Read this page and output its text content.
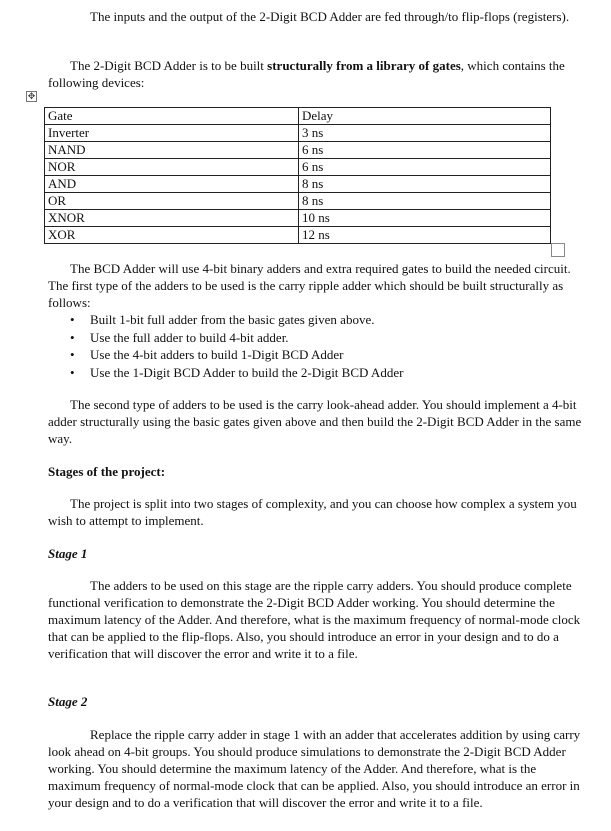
The inputs and the output of the 2-Digit BCD Adder are fed through/to flip-flops (registers).

The 2-Digit BCD Adder is to be built structurally from a library of gates, which contains the following devices:

✥
Gate	Delay
Inverter	3 ns
NAND	6 ns
NOR	6 ns
AND	8 ns
OR	8 ns
XNOR	10 ns
XOR	12 ns

The BCD Adder will use 4-bit binary adders and extra required gates to build the needed circuit. The first type of the adders to be used is the carry ripple adder which should be built structurally as follows:

• Built 1-bit full adder from the basic gates given above.
• Use the full adder to build 4-bit adder.
• Use the 4-bit adders to build 1-Digit BCD Adder
• Use the 1-Digit BCD Adder to build the 2-Digit BCD Adder

The second type of adders to be used is the carry look-ahead adder. You should implement a 4-bit adder structurally using the basic gates given above and then build the 2-Digit BCD Adder in the same way.

Stages of the project:

The project is split into two stages of complexity, and you can choose how complex a system you wish to attempt to implement.

Stage 1

The adders to be used on this stage are the ripple carry adders. You should produce complete functional verification to demonstrate the 2-Digit BCD Adder working. You should determine the maximum latency of the Adder. And therefore, what is the maximum frequency of normal-mode clock that can be applied to the flip-flops. Also, you should introduce an error in your design and to do a verification that will discover the error and write it to a file.

Stage 2

Replace the ripple carry adder in stage 1 with an adder that accelerates addition by using carry look ahead on 4-bit groups. You should produce simulations to demonstrate the 2-Digit BCD Adder working. You should determine the maximum latency of the Adder. And therefore, what is the maximum frequency of normal-mode clock that can be applied. Also, you should introduce an error in your design and to do a verification that will discover the error and write it to a file.
